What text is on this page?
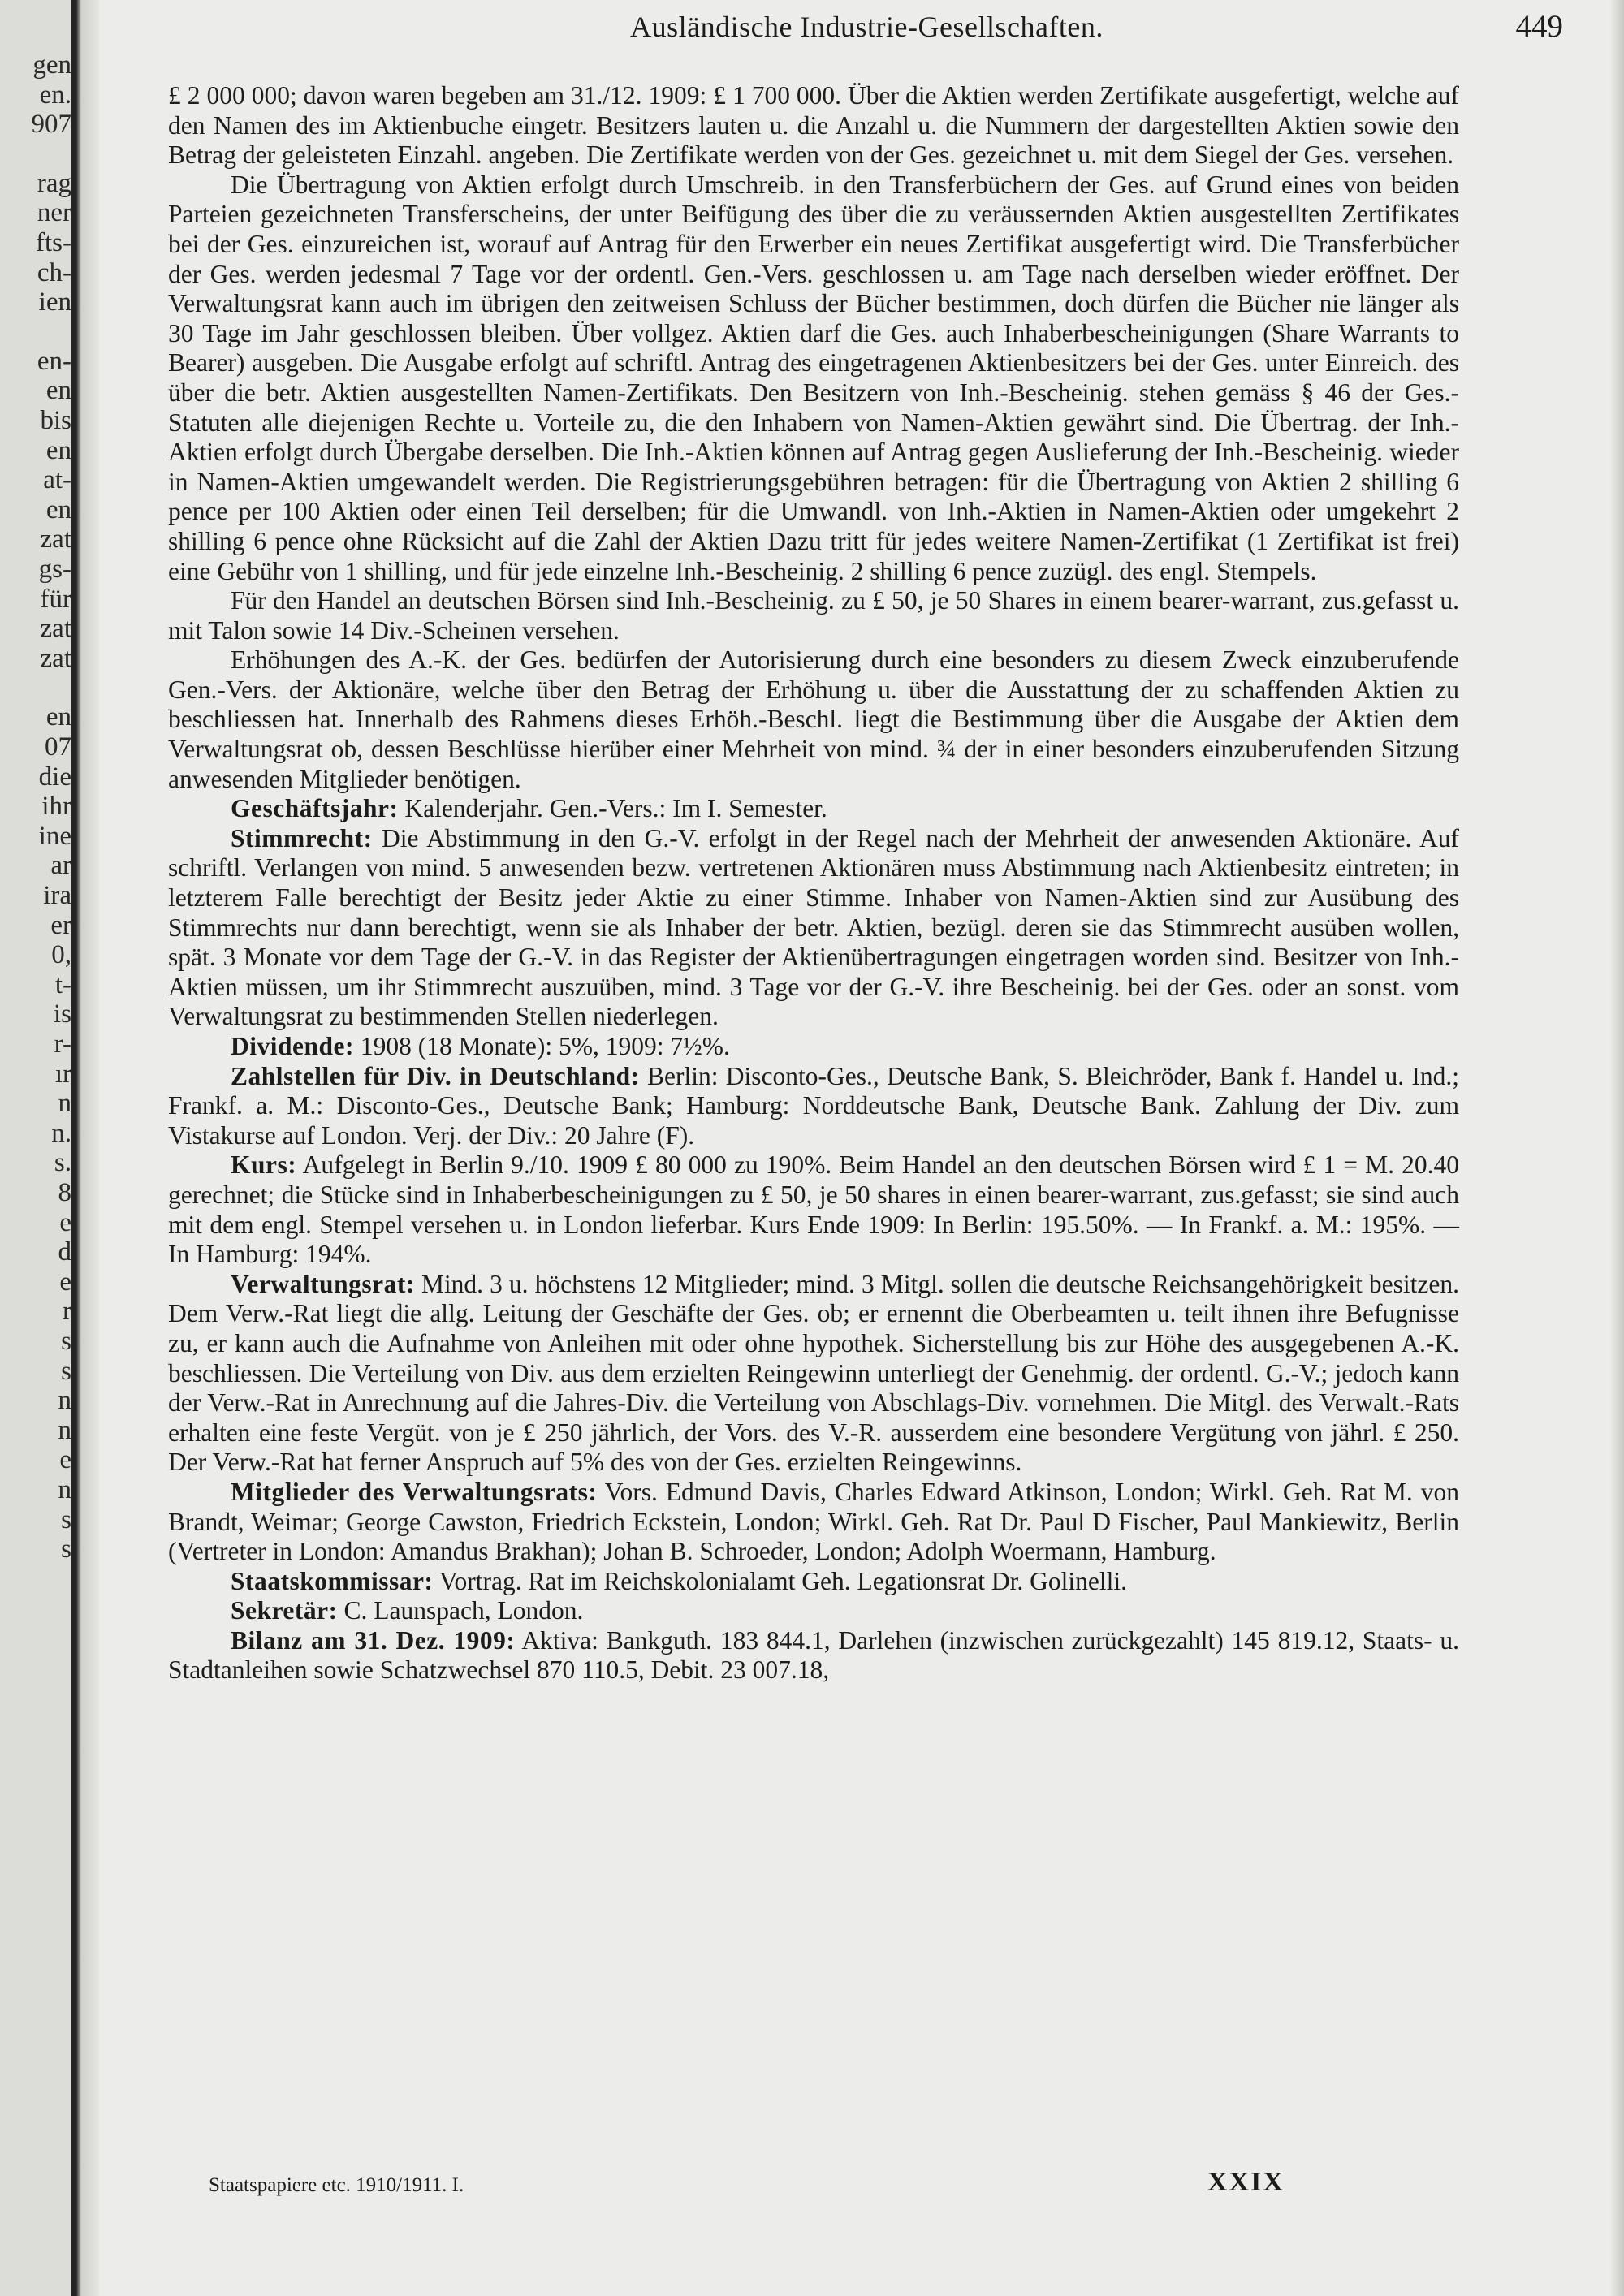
gen
en.
907
rag
ner
fts-
ch-
ien
en-
en
bis
en
at-
en
zat
gs-
für
zat
zat
en
07
die
ihr
ine
ar
ira
er
0,
t-
is
r-
ır
n
n.
s.
8
e
d
e
r
s
s
n
n
e
n
s
s
Ausländische Industrie-Gesellschaften.	449

£ 2 000 000; davon waren begeben am 31./12. 1909: £ 1 700 000. Über die Aktien werden Zertifikate ausgefertigt, welche auf den Namen des im Aktienbuche eingetr. Besitzers lauten u. die Anzahl u. die Nummern der dargestellten Aktien sowie den Betrag der geleisteten Einzahl. angeben. Die Zertifikate werden von der Ges. gezeichnet u. mit dem Siegel der Ges. versehen.

Die Übertragung von Aktien erfolgt durch Umschreib. in den Transferbüchern der Ges. auf Grund eines von beiden Parteien gezeichneten Transferscheins, der unter Beifügung des über die zu veräussernden Aktien ausgestellten Zertifikates bei der Ges. einzureichen ist, worauf auf Antrag für den Erwerber ein neues Zertifikat ausgefertigt wird. Die Transferbücher der Ges. werden jedesmal 7 Tage vor der ordentl. Gen.-Vers. geschlossen u. am Tage nach derselben wieder eröffnet. Der Verwaltungsrat kann auch im übrigen den zeitweisen Schluss der Bücher bestimmen, doch dürfen die Bücher nie länger als 30 Tage im Jahr geschlossen bleiben. Über vollgez. Aktien darf die Ges. auch Inhaberbescheinigungen (Share Warrants to Bearer) ausgeben. Die Ausgabe erfolgt auf schriftl. Antrag des eingetragenen Aktienbesitzers bei der Ges. unter Einreich. des über die betr. Aktien ausgestellten Namen-Zertifikats. Den Besitzern von Inh.-Bescheinig. stehen gemäss § 46 der Ges.-Statuten alle diejenigen Rechte u. Vorteile zu, die den Inhabern von Namen-Aktien gewährt sind. Die Übertrag. der Inh.-Aktien erfolgt durch Übergabe derselben. Die Inh.-Aktien können auf Antrag gegen Auslieferung der Inh.-Bescheinig. wieder in Namen-Aktien umgewandelt werden. Die Registrierungsgebühren betragen: für die Übertragung von Aktien 2 shilling 6 pence per 100 Aktien oder einen Teil derselben; für die Umwandl. von Inh.-Aktien in Namen-Aktien oder umgekehrt 2 shilling 6 pence ohne Rücksicht auf die Zahl der Aktien Dazu tritt für jedes weitere Namen-Zertifikat (1 Zertifikat ist frei) eine Gebühr von 1 shilling, und für jede einzelne Inh.-Bescheinig. 2 shilling 6 pence zuzügl. des engl. Stempels.

Für den Handel an deutschen Börsen sind Inh.-Bescheinig. zu £ 50, je 50 Shares in einem bearer-warrant, zus.gefasst u. mit Talon sowie 14 Div.-Scheinen versehen.

Erhöhungen des A.-K. der Ges. bedürfen der Autorisierung durch eine besonders zu diesem Zweck einzuberufende Gen.-Vers. der Aktionäre, welche über den Betrag der Erhöhung u. über die Ausstattung der zu schaffenden Aktien zu beschliessen hat. Innerhalb des Rahmens dieses Erhöh.-Beschl. liegt die Bestimmung über die Ausgabe der Aktien dem Verwaltungsrat ob, dessen Beschlüsse hierüber einer Mehrheit von mind. ¾ der in einer besonders einzuberufenden Sitzung anwesenden Mitglieder benötigen.

Geschäftsjahr: Kalenderjahr. Gen.-Vers.: Im I. Semester.

Stimmrecht: Die Abstimmung in den G.-V. erfolgt in der Regel nach der Mehrheit der anwesenden Aktionäre. Auf schriftl. Verlangen von mind. 5 anwesenden bezw. vertretenen Aktionären muss Abstimmung nach Aktienbesitz eintreten; in letzterem Falle berechtigt der Besitz jeder Aktie zu einer Stimme. Inhaber von Namen-Aktien sind zur Ausübung des Stimmrechts nur dann berechtigt, wenn sie als Inhaber der betr. Aktien, bezügl. deren sie das Stimmrecht ausüben wollen, spät. 3 Monate vor dem Tage der G.-V. in das Register der Aktienübertragungen eingetragen worden sind. Besitzer von Inh.-Aktien müssen, um ihr Stimmrecht auszuüben, mind. 3 Tage vor der G.-V. ihre Bescheinig. bei der Ges. oder an sonst. vom Verwaltungsrat zu bestimmenden Stellen niederlegen.

Dividende: 1908 (18 Monate): 5%, 1909: 7½%.

Zahlstellen für Div. in Deutschland: Berlin: Disconto-Ges., Deutsche Bank, S. Bleichröder, Bank f. Handel u. Ind.; Frankf. a. M.: Disconto-Ges., Deutsche Bank; Hamburg: Norddeutsche Bank, Deutsche Bank. Zahlung der Div. zum Vistakurse auf London. Verj. der Div.: 20 Jahre (F).

Kurs: Aufgelegt in Berlin 9./10. 1909 £ 80 000 zu 190%. Beim Handel an den deutschen Börsen wird £ 1 = M. 20.40 gerechnet; die Stücke sind in Inhaberbescheinigungen zu £ 50, je 50 shares in einen bearer-warrant, zus.gefasst; sie sind auch mit dem engl. Stempel versehen u. in London lieferbar. Kurs Ende 1909: In Berlin: 195.50%. — In Frankf. a. M.: 195%. — In Hamburg: 194%.

Verwaltungsrat: Mind. 3 u. höchstens 12 Mitglieder; mind. 3 Mitgl. sollen die deutsche Reichsangehörigkeit besitzen. Dem Verw.-Rat liegt die allg. Leitung der Geschäfte der Ges. ob; er ernennt die Oberbeamten u. teilt ihnen ihre Befugnisse zu, er kann auch die Aufnahme von Anleihen mit oder ohne hypothek. Sicherstellung bis zur Höhe des ausgegebenen A.-K. beschliessen. Die Verteilung von Div. aus dem erzielten Reingewinn unterliegt der Genehmig. der ordentl. G.-V.; jedoch kann der Verw.-Rat in Anrechnung auf die Jahres-Div. die Verteilung von Abschlags-Div. vornehmen. Die Mitgl. des Verwalt.-Rats erhalten eine feste Vergüt. von je £ 250 jährlich, der Vors. des V.-R. ausserdem eine besondere Vergütung von jährl. £ 250. Der Verw.-Rat hat ferner Anspruch auf 5% des von der Ges. erzielten Reingewinns.

Mitglieder des Verwaltungsrats: Vors. Edmund Davis, Charles Edward Atkinson, London; Wirkl. Geh. Rat M. von Brandt, Weimar; George Cawston, Friedrich Eckstein, London; Wirkl. Geh. Rat Dr. Paul D Fischer, Paul Mankiewitz, Berlin (Vertreter in London: Amandus Brakhan); Johan B. Schroeder, London; Adolph Woermann, Hamburg.

Staatskommissar: Vortrag. Rat im Reichskolonialamt Geh. Legationsrat Dr. Golinelli.

Sekretär: C. Launspach, London.

Bilanz am 31. Dez. 1909: Aktiva: Bankguth. 183 844.1, Darlehen (inzwischen zurückgezahlt) 145 819.12, Staats- u. Stadtanleihen sowie Schatzwechsel 870 110.5, Debit. 23 007.18,

Staatspapiere etc. 1910/1911. I.	XXIX
